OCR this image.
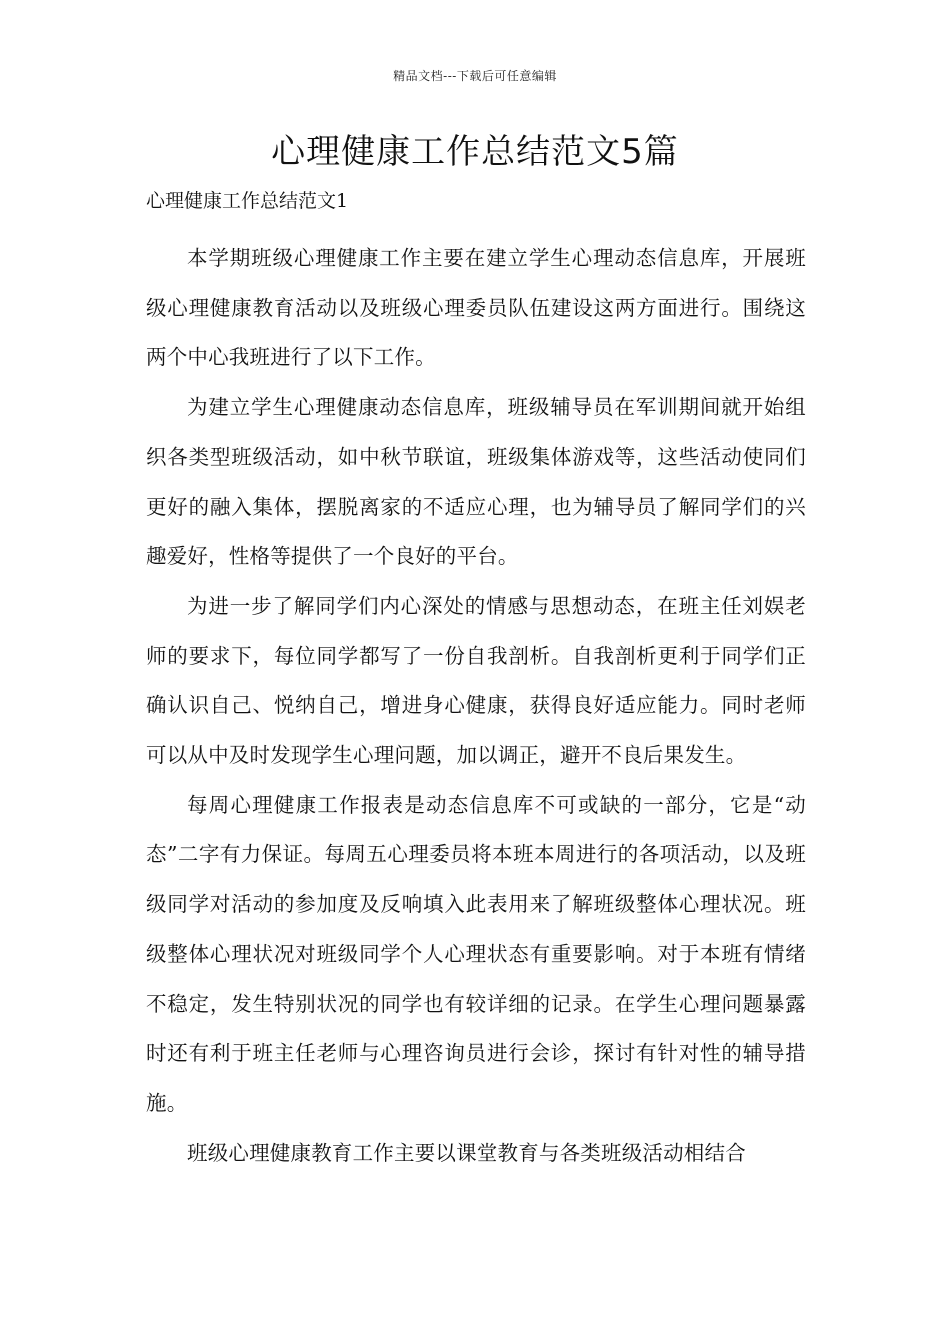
精品文档---下载后可任意编辑
心理健康工作总结范文5篇

心理健康工作总结范文1

本学期班级心理健康工作主要在建立学生心理动态信息库，开展班级心理健康教育活动以及班级心理委员队伍建设这两方面进行。围绕这两个中心我班进行了以下工作。

为建立学生心理健康动态信息库，班级辅导员在军训期间就开始组织各类型班级活动，如中秋节联谊，班级集体游戏等，这些活动使同们更好的融入集体，摆脱离家的不适应心理，也为辅导员了解同学们的兴趣爱好，性格等提供了一个良好的平台。

为进一步了解同学们内心深处的情感与思想动态，在班主任刘娱老师的要求下，每位同学都写了一份自我剖析。自我剖析更利于同学们正确认识自己、悦纳自己，增进身心健康，获得良好适应能力。同时老师可以从中及时发现学生心理问题，加以调正，避开不良后果发生。

每周心理健康工作报表是动态信息库不可或缺的一部分，它是“动态”二字有力保证。每周五心理委员将本班本周进行的各项活动，以及班级同学对活动的参加度及反响填入此表用来了解班级整体心理状况。班级整体心理状况对班级同学个人心理状态有重要影响。对于本班有情绪不稳定，发生特别状况的同学也有较详细的记录。在学生心理问题暴露时还有利于班主任老师与心理咨询员进行会诊，探讨有针对性的辅导措施。

班级心理健康教育工作主要以课堂教育与各类班级活动相结合
